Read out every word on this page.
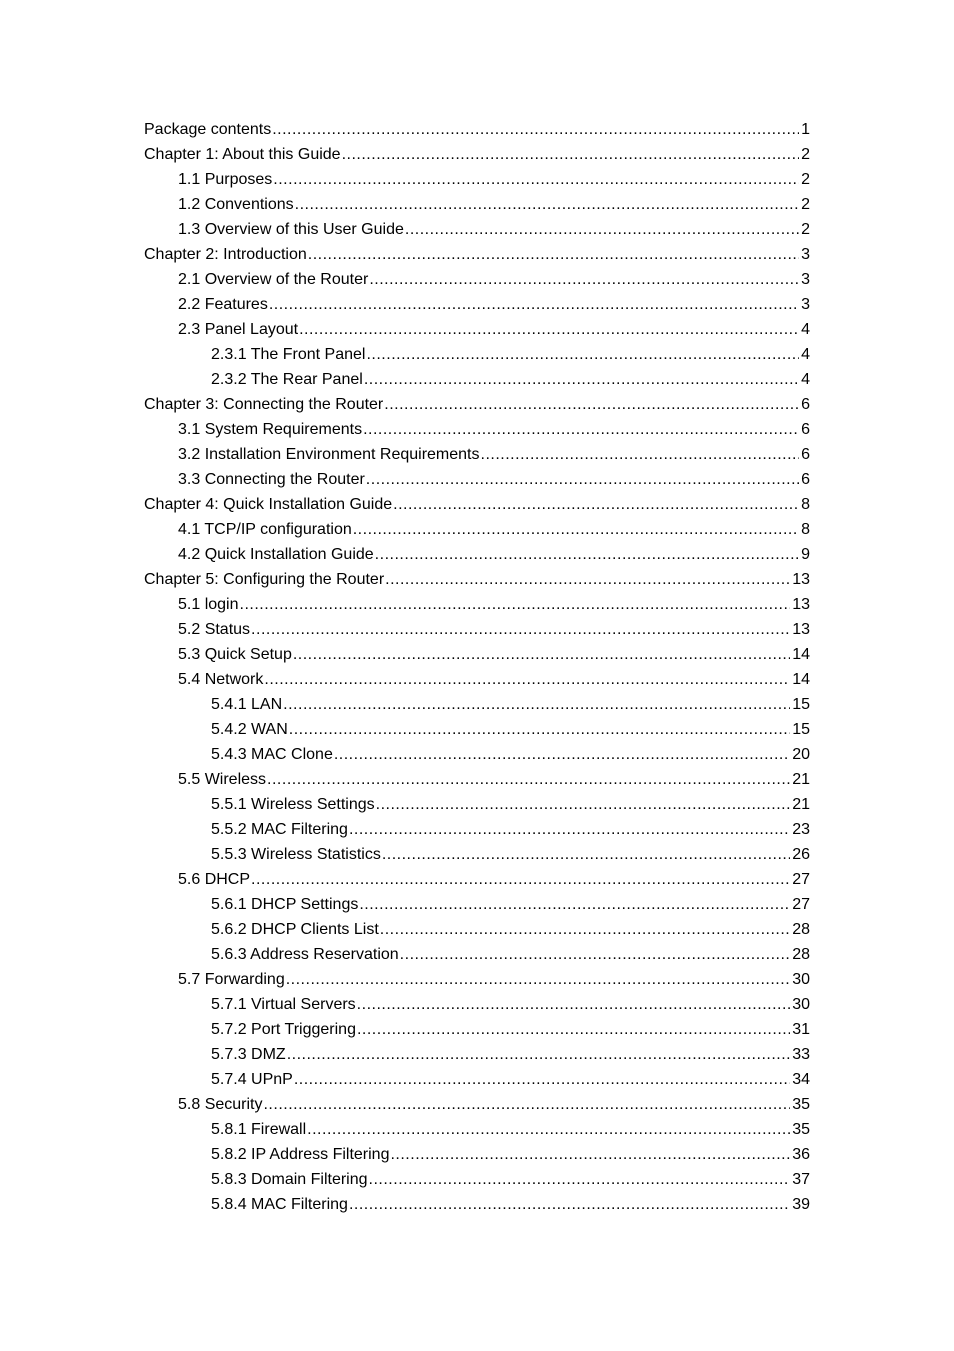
Package contents .....	1
Chapter 1: About this Guide .....	2
1.1 Purposes .....	2
1.2 Conventions .....	2
1.3 Overview of this User Guide .....	2
Chapter 2: Introduction .....	3
2.1 Overview of the Router .....	3
2.2 Features .....	3
2.3 Panel Layout .....	4
2.3.1 The Front Panel .....	4
2.3.2 The Rear Panel .....	4
Chapter 3: Connecting the Router .....	6
3.1 System Requirements .....	6
3.2 Installation Environment Requirements .....	6
3.3 Connecting the Router .....	6
Chapter 4: Quick Installation Guide .....	8
4.1 TCP/IP configuration .....	8
4.2 Quick Installation Guide .....	9
Chapter 5: Configuring the Router .....	13
5.1 login .....	13
5.2 Status .....	13
5.3 Quick Setup .....	14
5.4 Network .....	14
5.4.1 LAN .....	15
5.4.2 WAN .....	15
5.4.3 MAC Clone .....	20
5.5 Wireless .....	21
5.5.1 Wireless Settings .....	21
5.5.2 MAC Filtering .....	23
5.5.3 Wireless Statistics .....	26
5.6 DHCP .....	27
5.6.1 DHCP Settings .....	27
5.6.2 DHCP Clients List .....	28
5.6.3 Address Reservation .....	28
5.7 Forwarding .....	30
5.7.1 Virtual Servers .....	30
5.7.2 Port Triggering .....	31
5.7.3 DMZ .....	33
5.7.4 UPnP .....	34
5.8 Security .....	35
5.8.1 Firewall .....	35
5.8.2 IP Address Filtering .....	36
5.8.3 Domain Filtering .....	37
5.8.4 MAC Filtering .....	39
